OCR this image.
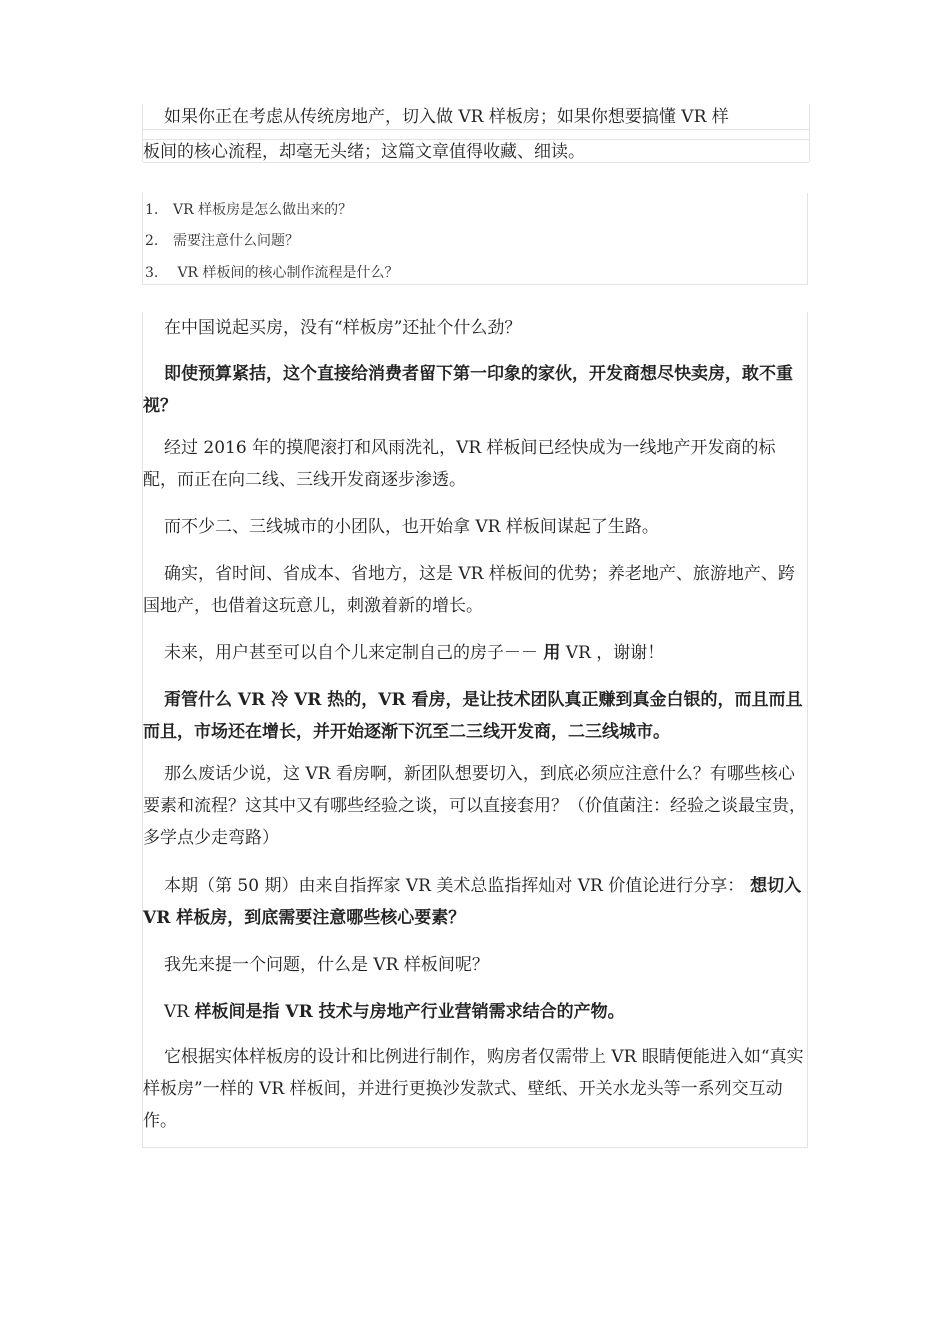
如果你正在考虑从传统房地产，切入做 VR 样板房；如果你想要搞懂 VR 样
板间的核心流程，却毫无头绪；这篇文章值得收藏、细读。
1. VR 样板房是怎么做出来的？
2. 需要注意什么问题？
3. VR 样板间的核心制作流程是什么？

在中国说起买房，没有“样板房”还扯个什么劲？

即使预算紧拮，这个直接给消费者留下第一印象的家伙，开发商想尽快卖房，敢不重视？

经过 2016 年的摸爬滚打和风雨洗礼，VR 样板间已经快成为一线地产开发商的标配，而正在向二线、三线开发商逐步渗透。

而不少二、三线城市的小团队，也开始拿 VR 样板间谋起了生路。

确实，省时间、省成本、省地方，这是 VR 样板间的优势；养老地产、旅游地产、跨国地产，也借着这玩意儿，刺激着新的增长。

未来，用户甚至可以自个儿来定制自己的房子－－ 用 VR ，谢谢！

甭管什么 VR 冷 VR 热的，VR 看房，是让技术团队真正赚到真金白银的，而且而且而且，市场还在增长，并开始逐渐下沉至二三线开发商，二三线城市。

那么废话少说，这 VR 看房啊，新团队想要切入，到底必须应注意什么？有哪些核心要素和流程？这其中又有哪些经验之谈，可以直接套用？（价值菌注：经验之谈最宝贵，多学点少走弯路）

本期（第 50 期）由来自指挥家 VR 美术总监指挥灿对 VR 价值论进行分享： 想切入 VR 样板房，到底需要注意哪些核心要素？

我先来提一个问题，什么是 VR 样板间呢？

VR 样板间是指 VR 技术与房地产行业营销需求结合的产物。

它根据实体样板房的设计和比例进行制作，购房者仅需带上 VR 眼睛便能进入如“真实样板房”一样的 VR 样板间，并进行更换沙发款式、壁纸、开关水龙头等一系列交互动作。
